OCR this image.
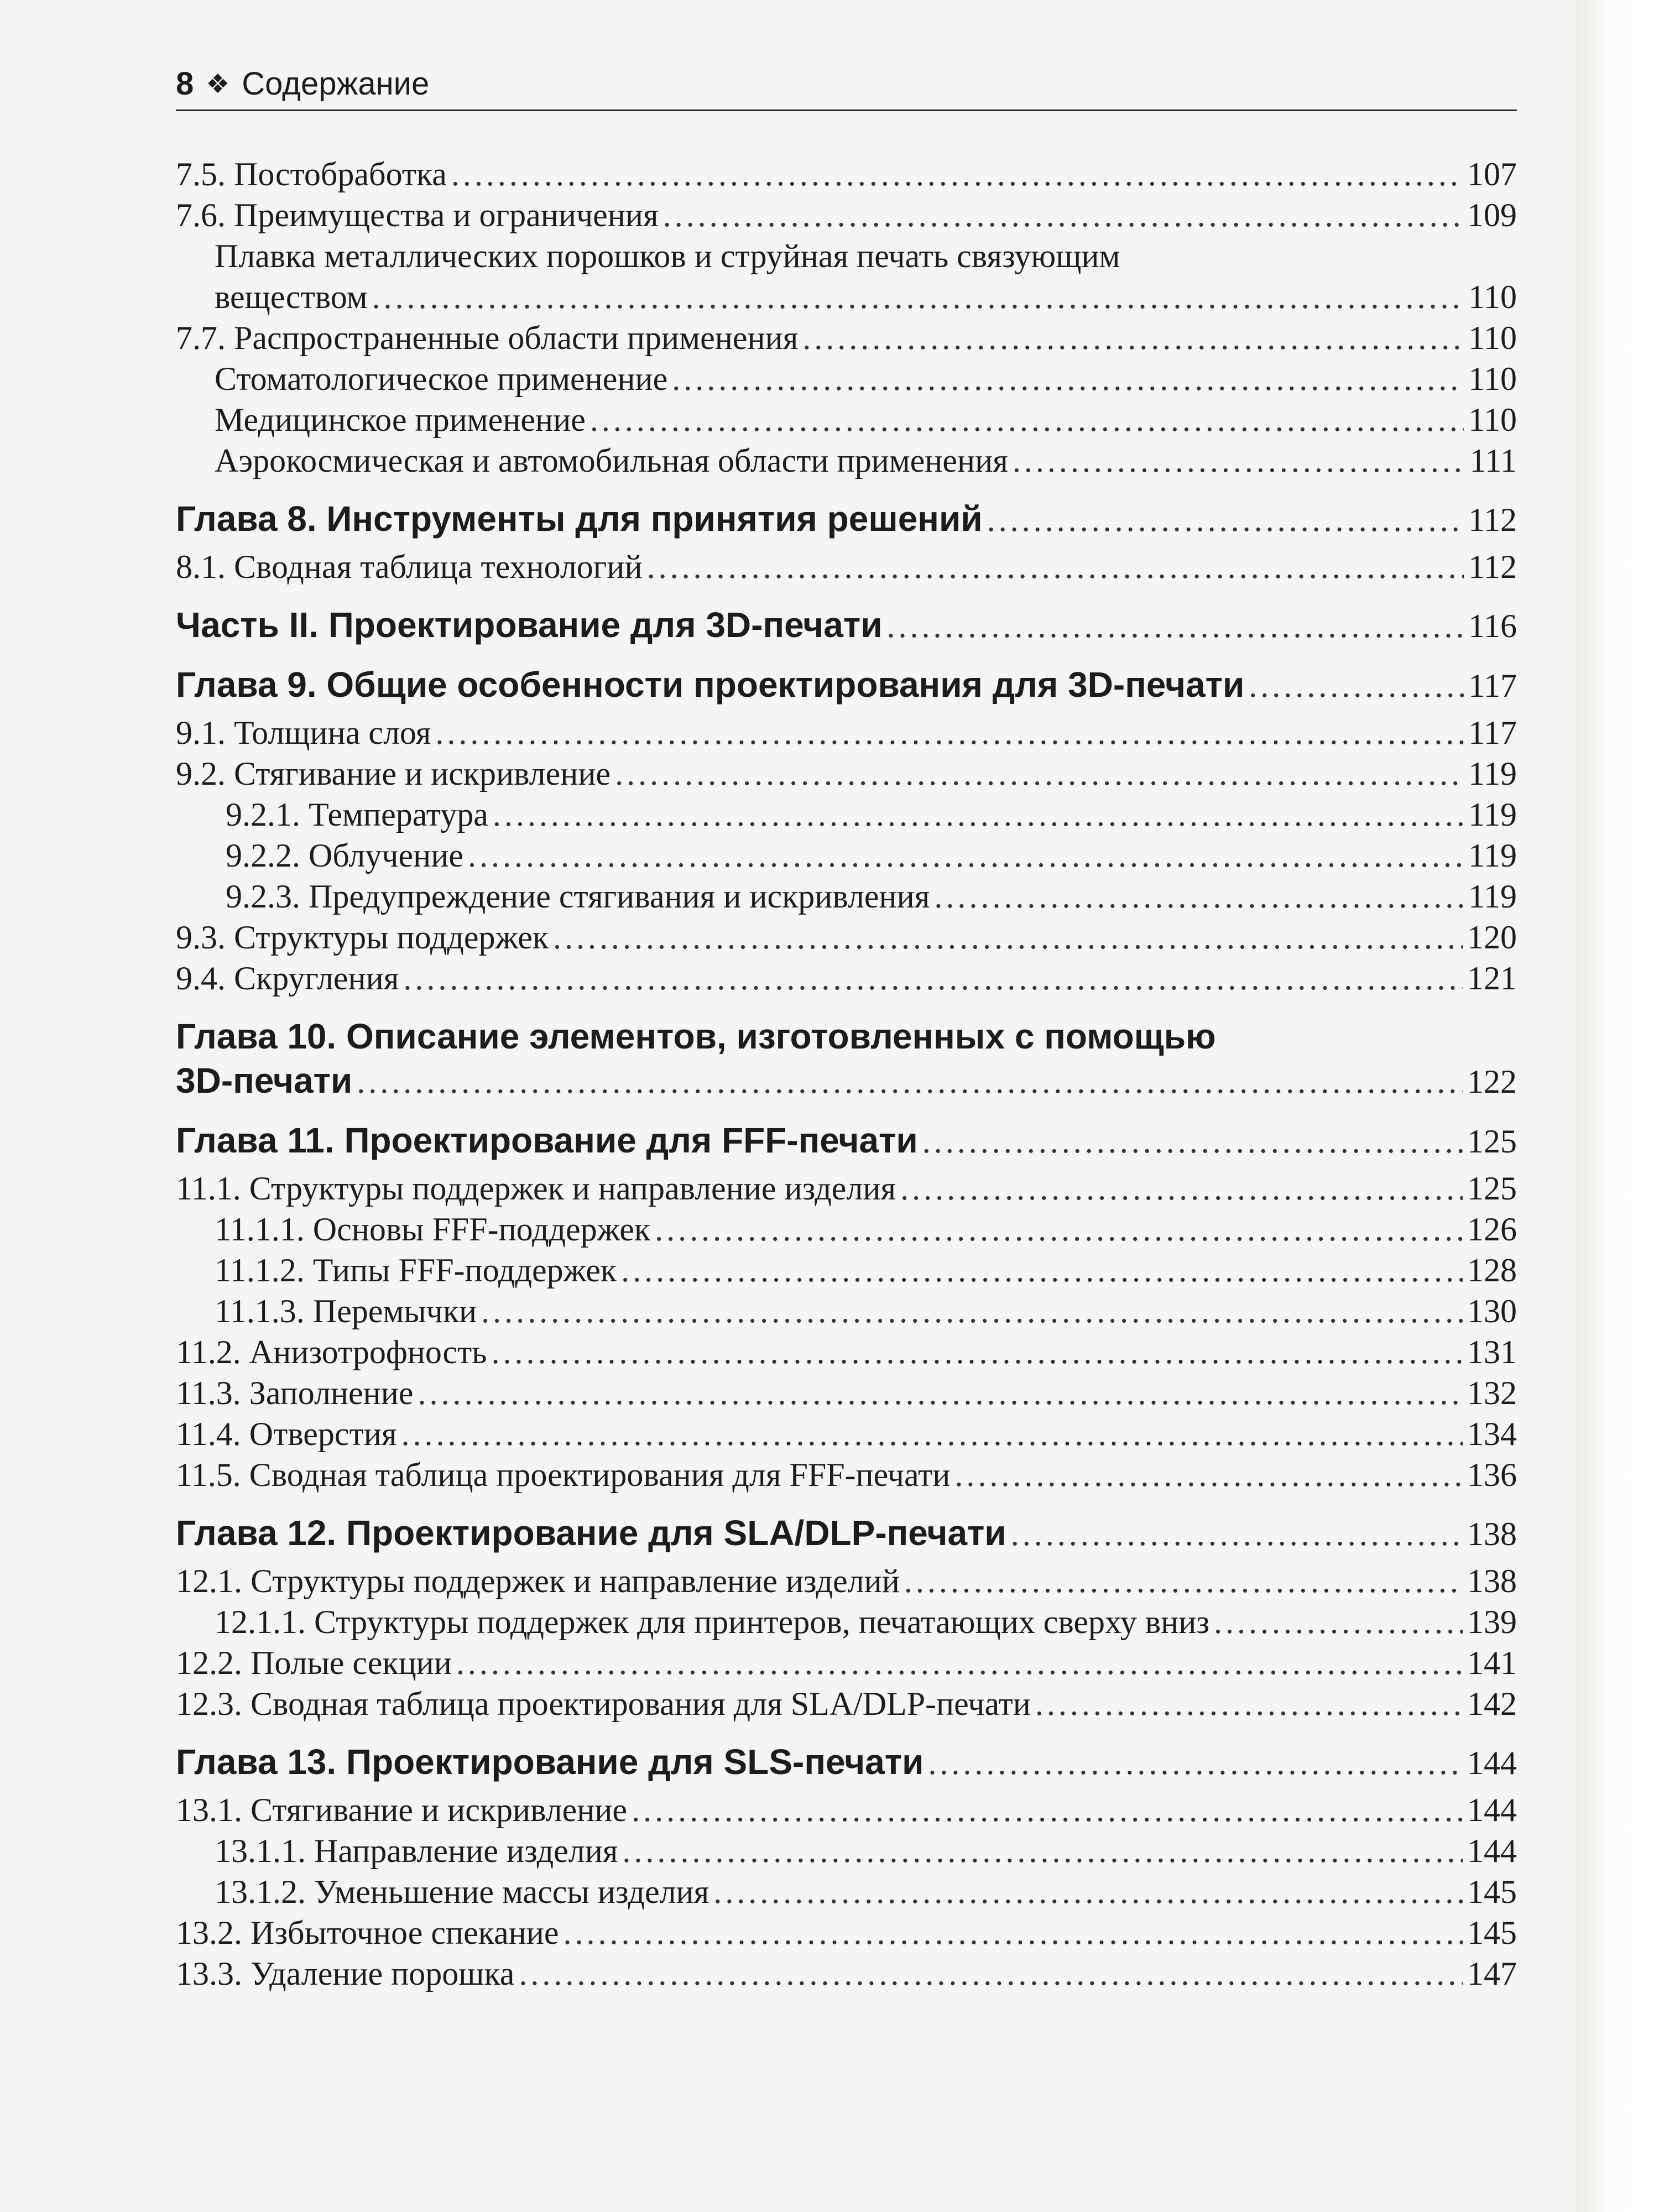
8 ❖ Содержание
7.5. Постобработка .....	107
7.6. Преимущества и ограничения .....	109
Плавка металлических порошков и струйная печать связующим
веществом .....	110
7.7. Распространенные области применения .....	110
Стоматологическое применение .....	110
Медицинское применение .....	110
Аэрокосмическая и автомобильная области применения .....	111
Глава 8. Инструменты для принятия решений .....	112
8.1. Сводная таблица технологий .....	112
Часть II. Проектирование для 3D-печати .....	116
Глава 9. Общие особенности проектирования для 3D-печати .....	117
9.1. Толщина слоя .....	117
9.2. Стягивание и искривление .....	119
9.2.1. Температура .....	119
9.2.2. Облучение .....	119
9.2.3. Предупреждение стягивания и искривления .....	119
9.3. Структуры поддержек .....	120
9.4. Скругления .....	121
Глава 10. Описание элементов, изготовленных с помощью
3D-печати .....	122
Глава 11. Проектирование для FFF-печати .....	125
11.1. Структуры поддержек и направление изделия .....	125
11.1.1. Основы FFF-поддержек .....	126
11.1.2. Типы FFF-поддержек .....	128
11.1.3. Перемычки .....	130
11.2. Анизотрофность .....	131
11.3. Заполнение .....	132
11.4. Отверстия .....	134
11.5. Сводная таблица проектирования для FFF-печати .....	136
Глава 12. Проектирование для SLA/DLP-печати .....	138
12.1. Структуры поддержек и направление изделий .....	138
12.1.1. Структуры поддержек для принтеров, печатающих сверху вниз .....	139
12.2. Полые секции .....	141
12.3. Сводная таблица проектирования для SLA/DLP-печати .....	142
Глава 13. Проектирование для SLS-печати .....	144
13.1. Стягивание и искривление .....	144
13.1.1. Направление изделия .....	144
13.1.2. Уменьшение массы изделия .....	145
13.2. Избыточное спекание .....	145
13.3. Удаление порошка .....	147
